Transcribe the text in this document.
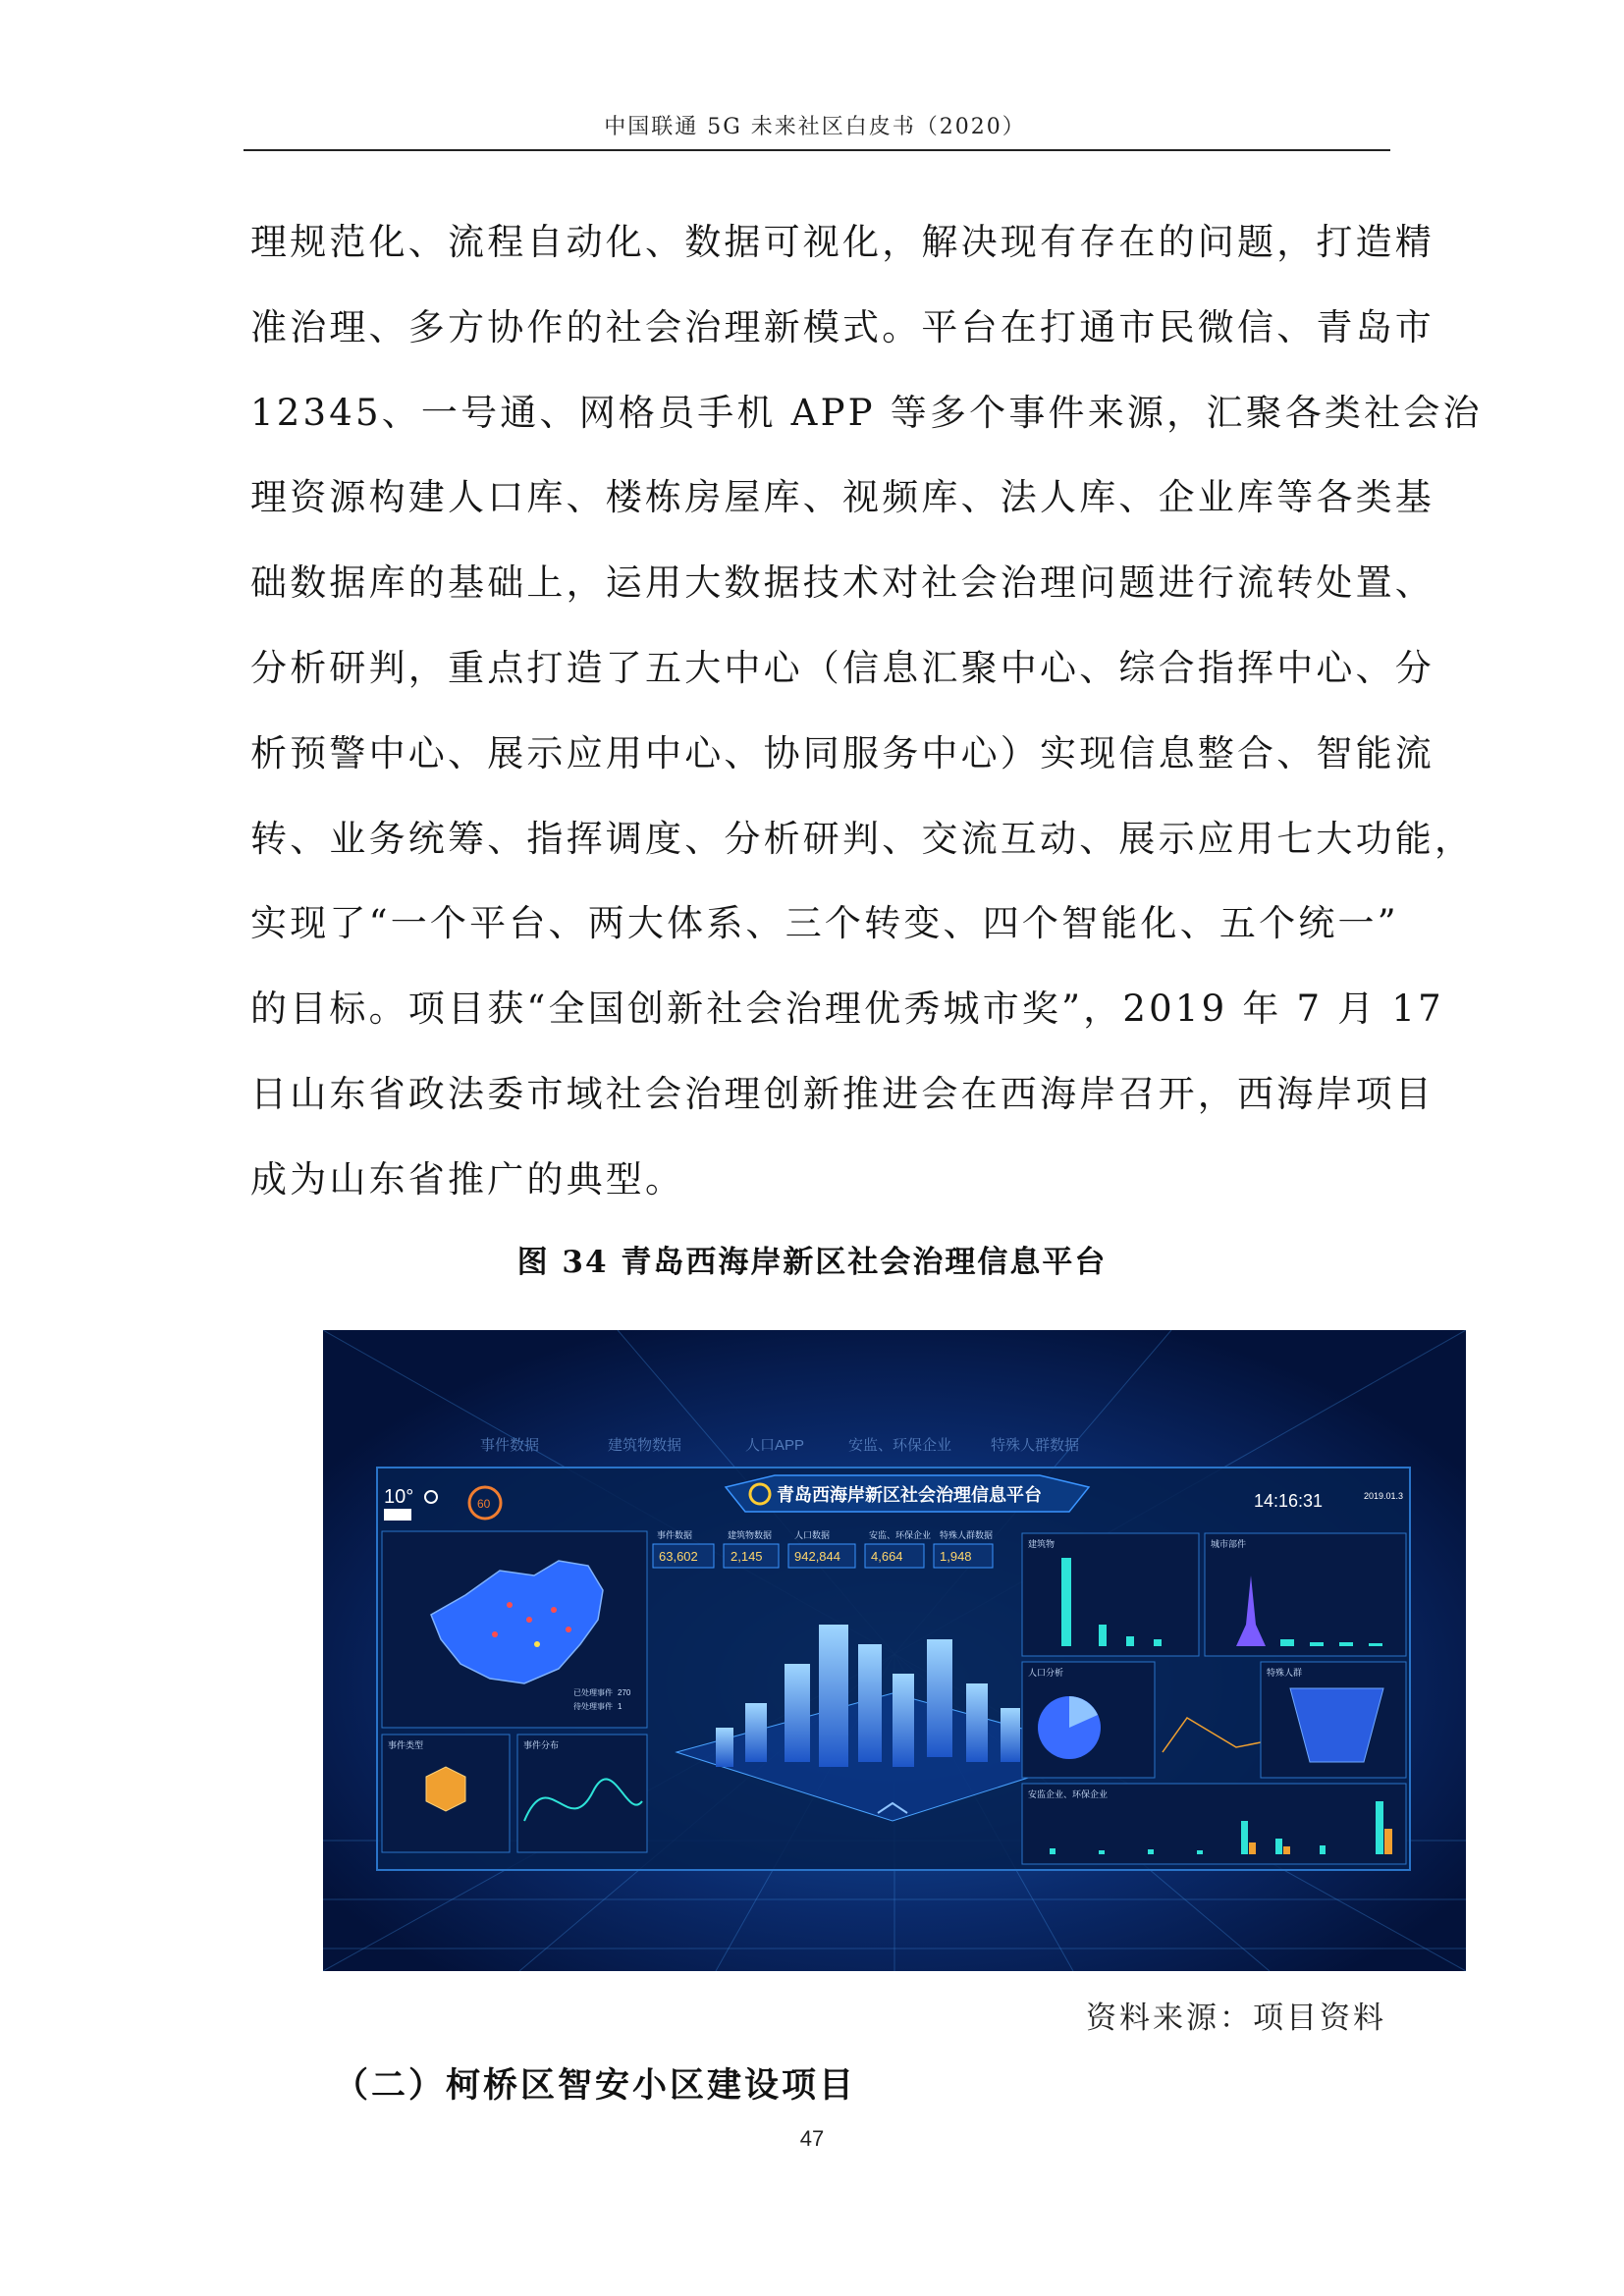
中国联通 5G 未来社区白皮书（2020）
理规范化、流程自动化、数据可视化，解决现有存在的问题，打造精
准治理、多方协作的社会治理新模式。平台在打通市民微信、青岛市
12345、一号通、网格员手机 APP 等多个事件来源，汇聚各类社会治
理资源构建人口库、楼栋房屋库、视频库、法人库、企业库等各类基
础数据库的基础上，运用大数据技术对社会治理问题进行流转处置、
分析研判，重点打造了五大中心（信息汇聚中心、综合指挥中心、分
析预警中心、展示应用中心、协同服务中心）实现信息整合、智能流
转、业务统筹、指挥调度、分析研判、交流互动、展示应用七大功能，
实现了“一个平台、两大体系、三个转变、四个智能化、五个统一”
的目标。项目获“全国创新社会治理优秀城市奖”，2019 年 7 月 17
日山东省政法委市域社会治理创新推进会在西海岸召开，西海岸项目
成为山东省推广的典型。
图 34 青岛西海岸新区社会治理信息平台
事件数据	建筑物数据	人口APP	安监、环保企业	特殊人群数据
10°	60	青岛西海岸新区社会治理信息平台	14:16:31	2019.01.3
已处理事件 270
待处理事件 1
事件类型	事件分布
事件数据
63,602
建筑物数据
2,145
人口数据
942,844
安监、环保企业
4,664
特殊人群数据
1,948
建筑物	城市部件
人口分析	特殊人群
安监企业、环保企业
资料来源：项目资料
（二）柯桥区智安小区建设项目
47
